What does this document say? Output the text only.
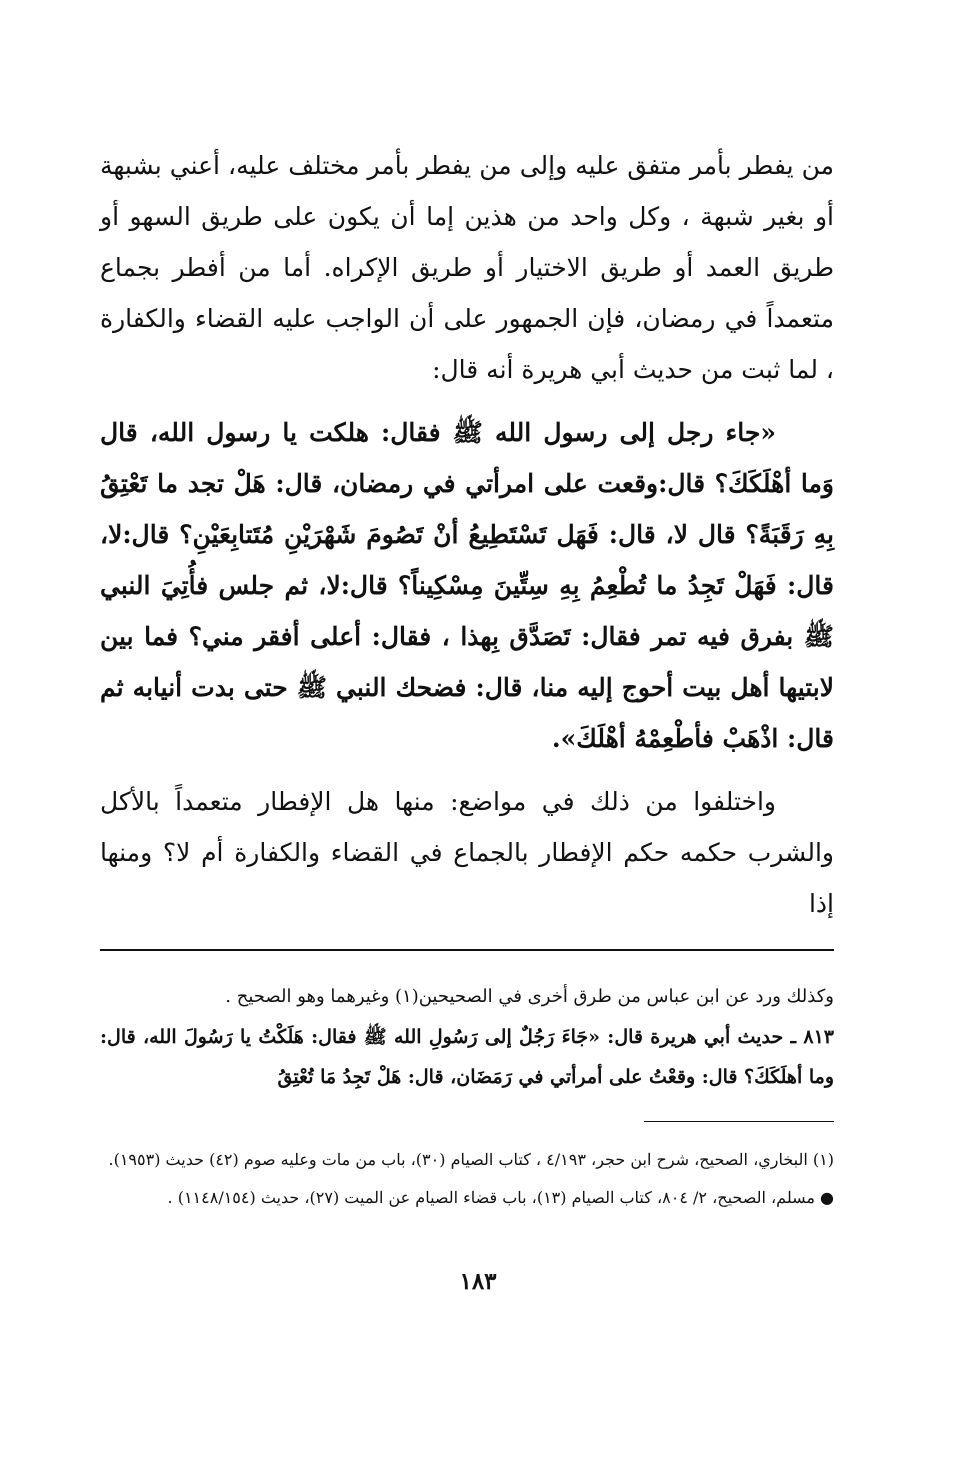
من يفطر بأمر متفق عليه وإلى من يفطر بأمر مختلف عليه، أعني بشبهة أو بغير شبهة ، وكل واحد من هذين إما أن يكون على طريق السهو أو طريق العمد أو طريق الاختيار أو طريق الإكراه. أما من أفطر بجماع متعمداً في رمضان، فإن الجمهور على أن الواجب عليه القضاء والكفارة ، لما ثبت من حديث أبي هريرة أنه قال:

«جاء رجل إلى رسول الله ﷺ فقال: هلكت يا رسول الله، قال وَما أهْلَكَكَ؟ قال:وقعت على امرأتي في رمضان، قال: هَلْ تجد ما تَعْتِقُ بِهِ رَقَبَةً؟ قال لا، قال: فَهَل تَسْتَطِيعُ أنْ تَصُومَ شَهْرَيْنِ مُتَتابِعَيْنِ؟ قال:لا، قال: فَهَلْ تَجِدُ ما تُطْعِمُ بِهِ سِتِّينَ مِسْكِيناً؟ قال:لا، ثم جلس فأُتِيَ النبي ﷺ بفرق فيه تمر فقال: تَصَدَّق بِهذا ، فقال: أعلى أفقر مني؟ فما بين لابتيها أهل بيت أحوج إليه منا، قال: فضحك النبي ﷺ حتى بدت أنيابه ثم قال: اذْهَبْ فأطْعِمْهُ أهْلَكَ».

واختلفوا من ذلك في مواضع: منها هل الإفطار متعمداً بالأكل والشرب حكمه حكم الإفطار بالجماع في القضاء والكفارة أم لا؟ ومنها إذا

وكذلك ورد عن ابن عباس من طرق أخرى في الصحيحين(١) وغيرهما وهو الصحيح .

٨١٣ ـ حديث أبي هريرة قال: «جَاءَ رَجُلٌ إلى رَسُولِ الله ﷺ فقال: هَلَكْتُ يا رَسُولَ الله، قال: وما أهلَكَكَ؟ قال: وقعْتُ على أمرأتي في رَمَضَان، قال: هَلْ تَجِدُ مَا تُعْتِقُ

(١) البخاري، الصحيح، شرح ابن حجر، ٤/١٩٣ ، كتاب الصيام (٣٠)، باب من مات وعليه صوم (٤٢) حديث (١٩٥٣).

● مسلم، الصحيح، ٢/ ٨٠٤، كتاب الصيام (١٣)، باب قضاء الصيام عن الميت (٢٧)، حديث (١١٤٨/١٥٤) .

١٨٣
